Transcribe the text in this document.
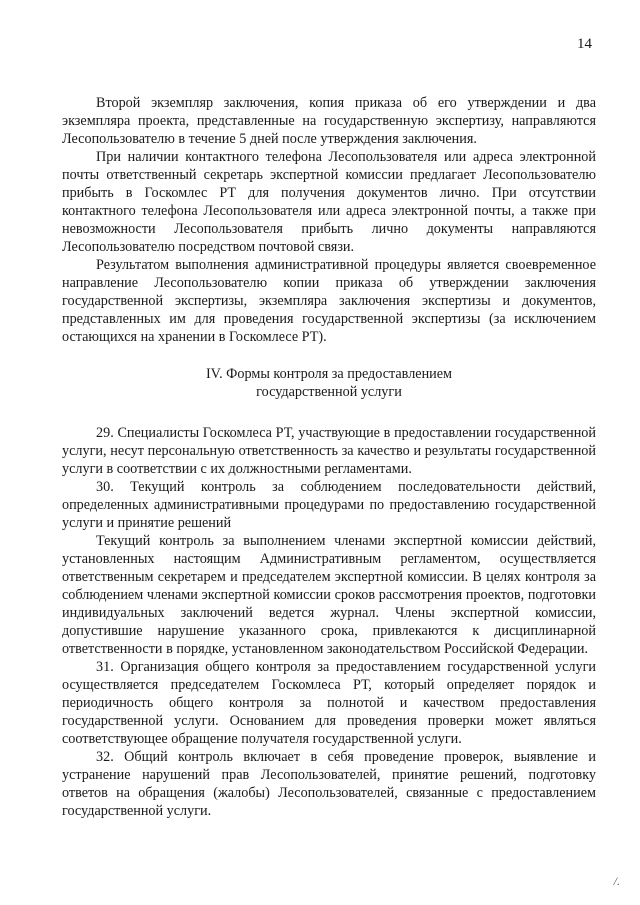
14

Второй экземпляр заключения, копия приказа об его утверждении и два экземпляра проекта, представленные на государственную экспертизу, направляются Лесопользователю в течение 5 дней после утверждения заключения.

При наличии контактного телефона Лесопользователя или адреса электронной почты ответственный секретарь экспертной комиссии предлагает Лесопользователю прибыть в Госкомлес РТ для получения документов лично. При отсутствии контактного телефона Лесопользователя или адреса электронной почты, а также при невозможности Лесопользователя прибыть лично документы направляются Лесопользователю посредством почтовой связи.

Результатом выполнения административной процедуры является своевременное направление Лесопользователю копии приказа об утверждении заключения государственной экспертизы, экземпляра заключения экспертизы и документов, представленных им для проведения государственной экспертизы (за исключением остающихся на хранении в Госкомлесе РТ).

IV. Формы контроля за предоставлением
государственной услуги

29. Специалисты Госкомлеса РТ, участвующие в предоставлении государственной услуги, несут персональную ответственность за качество и результаты государственной услуги в соответствии с их должностными регламентами.

30. Текущий контроль за соблюдением последовательности действий, определенных административными процедурами по предоставлению государственной услуги и принятие решений

Текущий контроль за выполнением членами экспертной комиссии действий, установленных настоящим Административным регламентом, осуществляется ответственным секретарем и председателем экспертной комиссии. В целях контроля за соблюдением членами экспертной комиссии сроков рассмотрения проектов, подготовки индивидуальных заключений ведется журнал. Члены экспертной комиссии, допустившие нарушение указанного срока, привлекаются к дисциплинарной ответственности в порядке, установленном законодательством Российской Федерации.

31. Организация общего контроля за предоставлением государственной услуги осуществляется председателем Госкомлеса РТ, который определяет порядок и периодичность общего контроля за полнотой и качеством предоставления государственной услуги. Основанием для проведения проверки может являться соответствующее обращение получателя государственной услуги.

32. Общий контроль включает в себя проведение проверок, выявление и устранение нарушений прав Лесопользователей, принятие решений, подготовку ответов на обращения (жалобы) Лесопользователей, связанные с предоставлением государственной услуги.

/.
